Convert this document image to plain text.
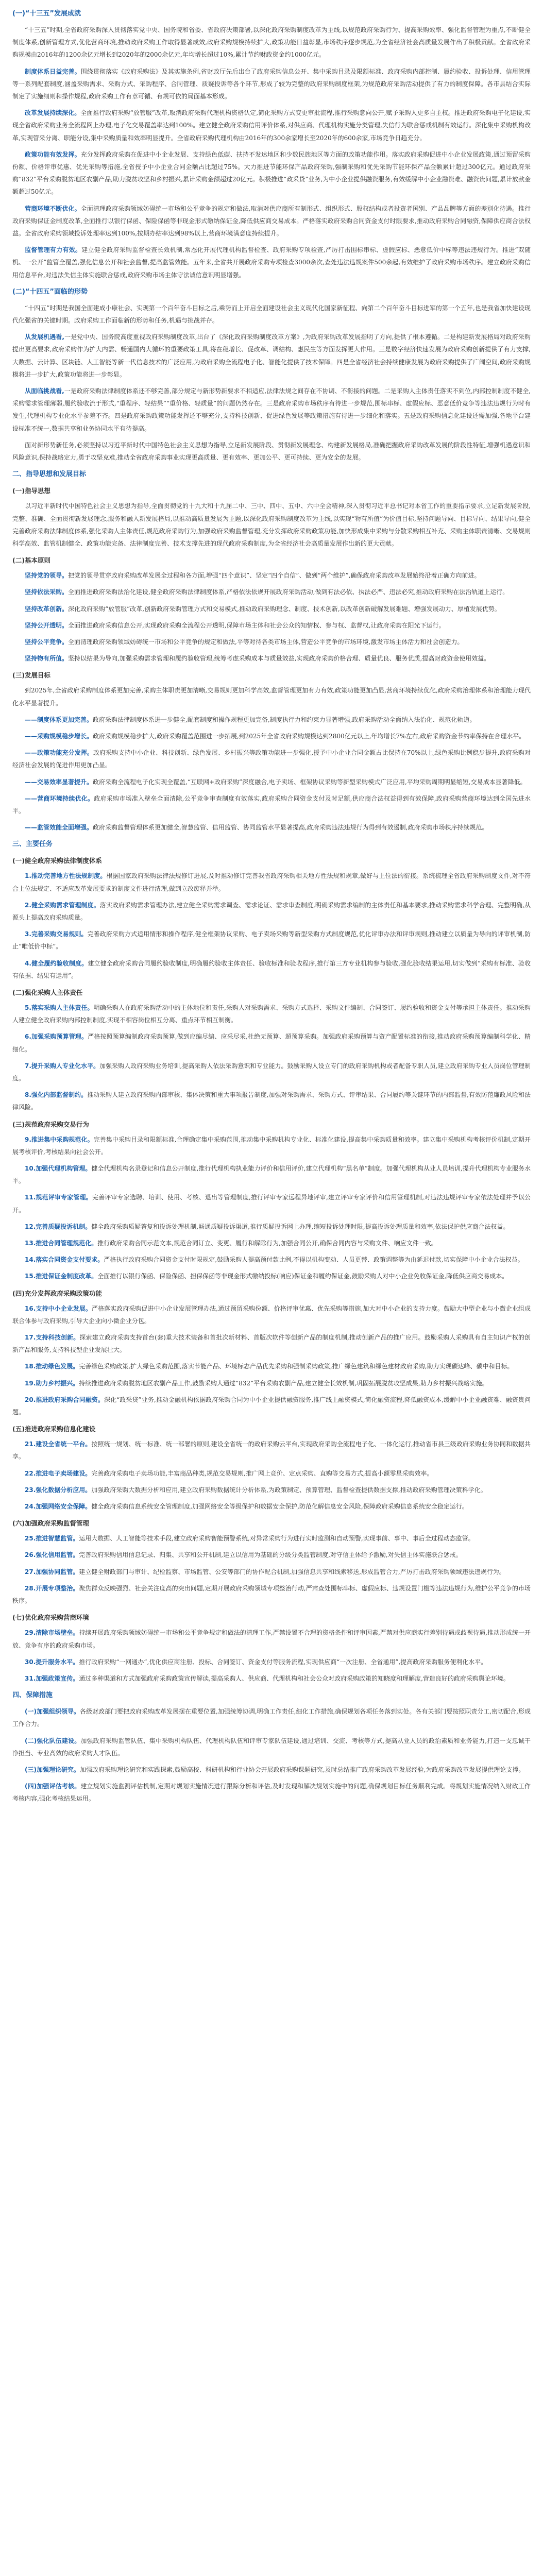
(一)“十三五”发展成就

“十三五”时期,全省政府采购深入贯彻落实党中央、国务院和省委、省政府决策部署,以深化政府采购制度改革为主线,以规范政府采购行为、提高采购效率、强化监督管理为重点,不断健全制度体系,创新管理方式,优化营商环境,推动政府采购工作取得显著成效,政府采购规模持续扩大,政策功能日益彰显,市场秩序逐步规范,为全省经济社会高质量发展作出了积极贡献。全省政府采购规模由2016年的1200余亿元增长到2020年的2000余亿元,年均增长超过10%,累计节约财政资金约1000亿元。

制度体系日益完善。围绕贯彻落实《政府采购法》及其实施条例,省财政厅先后出台了政府采购信息公开、集中采购目录及限额标准、政府采购内部控制、履约验收、投诉处理、信用管理等一系列配套制度,涵盖采购需求、采购方式、采购程序、合同管理、质疑投诉等各个环节,形成了较为完整的政府采购制度框架,为规范政府采购活动提供了有力的制度保障。各市县结合实际制定了实施细则和操作规程,政府采购工作有章可循、有规可依的局面基本形成。

改革发展持续深化。全面推行政府采购“放管服”改革,取消政府采购代理机构资格认定,简化采购方式变更审批流程,推行采购意向公开,赋予采购人更多自主权。推进政府采购电子化建设,实现全省政府采购业务全流程网上办理,电子化交易覆盖率达到100%。建立健全政府采购信用评价体系,对供应商、代理机构实施分类管理,失信行为联合惩戒机制有效运行。深化集中采购机构改革,实现管采分离、职能分设,集中采购质量和效率明显提升。全省政府采购代理机构由2016年的300余家增长至2020年的600余家,市场竞争日趋充分。

政策功能有效发挥。充分发挥政府采购在促进中小企业发展、支持绿色低碳、扶持不发达地区和少数民族地区等方面的政策功能作用。落实政府采购促进中小企业发展政策,通过预留采购份额、价格评审优惠、优先采购等措施,全省授予中小企业合同金额占比超过75%。大力推进节能环保产品政府采购,强制采购和优先采购节能环保产品金额累计超过300亿元。通过政府采购“832”平台采购脱贫地区农副产品,助力脱贫攻坚和乡村振兴,累计采购金额超过20亿元。积极推进“政采贷”业务,为中小企业提供融资服务,有效缓解中小企业融资难、融资贵问题,累计放款金额超过50亿元。

营商环境不断优化。全面清理政府采购领域妨碍统一市场和公平竞争的规定和做法,取消对供应商所有制形式、组织形式、股权结构或者投资者国别、产品品牌等方面的差别化待遇。推行政府采购保证金制度改革,全面推行以银行保函、保险保函等非现金形式缴纳保证金,降低供应商交易成本。严格落实政府采购合同资金支付时限要求,推动政府采购合同融资,保障供应商合法权益。全省政府采购领域投诉处理率达到100%,按期办结率达到98%以上,营商环境满意度持续提升。

监督管理有力有效。建立健全政府采购监督检查长效机制,常态化开展代理机构监督检查、政府采购专项检查,严厉打击围标串标、虚假应标、恶意低价中标等违法违规行为。推进“双随机、一公开”监管全覆盖,强化信息公开和社会监督,提高监管效能。五年来,全省共开展政府采购专项检查3000余次,查处违法违规案件500余起,有效维护了政府采购市场秩序。建立政府采购信用信息平台,对违法失信主体实施联合惩戒,政府采购市场主体守法诚信意识明显增强。

(二)“十四五”面临的形势

“十四五”时期是我国全面建成小康社会、实现第一个百年奋斗目标之后,乘势而上开启全面建设社会主义现代化国家新征程、向第二个百年奋斗目标进军的第一个五年,也是我省加快建设现代化强省的关键时期。政府采购工作面临新的形势和任务,机遇与挑战并存。

从发展机遇看,一是党中央、国务院高度重视政府采购制度改革,出台了《深化政府采购制度改革方案》,为政府采购改革发展指明了方向,提供了根本遵循。二是构建新发展格局对政府采购提出更高要求,政府采购作为扩大内需、畅通国内大循环的重要政策工具,将在稳增长、促改革、调结构、惠民生等方面发挥更大作用。三是数字经济快速发展为政府采购创新提供了有力支撑,大数据、云计算、区块链、人工智能等新一代信息技术的广泛应用,为政府采购全流程电子化、智能化提供了技术保障。四是全省经济社会持续健康发展为政府采购提供了广阔空间,政府采购规模将进一步扩大,政策功能将进一步彰显。

从面临挑战看,一是政府采购法律制度体系还不够完善,部分规定与新形势新要求不相适应,法律法规之间存在不协调、不衔接的问题。二是采购人主体责任落实不到位,内部控制制度不健全,采购需求管理薄弱,履约验收流于形式,“重程序、轻结果”“重价格、轻质量”的问题仍然存在。三是政府采购市场秩序有待进一步规范,围标串标、虚假应标、恶意低价竞争等违法违规行为时有发生,代理机构专业化水平参差不齐。四是政府采购政策功能发挥还不够充分,支持科技创新、促进绿色发展等政策措施有待进一步细化和落实。五是政府采购信息化建设还需加强,各地平台建设标准不统一,数据共享和业务协同水平有待提高。

面对新形势新任务,必须坚持以习近平新时代中国特色社会主义思想为指导,立足新发展阶段、贯彻新发展理念、构建新发展格局,准确把握政府采购改革发展的阶段性特征,增强机遇意识和风险意识,保持战略定力,勇于攻坚克难,推动全省政府采购事业实现更高质量、更有效率、更加公平、更可持续、更为安全的发展。

二、指导思想和发展目标
(一)指导思想

以习近平新时代中国特色社会主义思想为指导,全面贯彻党的十九大和十九届二中、三中、四中、五中、六中全会精神,深入贯彻习近平总书记对本省工作的重要指示要求,立足新发展阶段,完整、准确、全面贯彻新发展理念,服务和融入新发展格局,以推动高质量发展为主题,以深化政府采购制度改革为主线,以实现“物有所值”为价值目标,坚持问题导向、目标导向、结果导向,健全完善政府采购法律制度体系,强化采购人主体责任,规范政府采购行为,加强政府采购监督管理,充分发挥政府采购政策功能,加快形成集中采购与分散采购相互补充、采购主体职责清晰、交易规则科学高效、监管机制健全、政策功能完备、法律制度完善、技术支撑先进的现代政府采购制度,为全省经济社会高质量发展作出新的更大贡献。

(二)基本原则

坚持党的领导。把党的领导贯穿政府采购改革发展全过程和各方面,增强“四个意识”、坚定“四个自信”、做到“两个维护”,确保政府采购改革发展始终沿着正确方向前进。

坚持依法采购。全面推进政府采购法治化建设,健全政府采购法律制度体系,严格依法依规开展政府采购活动,做到有法必依、执法必严、违法必究,推动政府采购在法治轨道上运行。

坚持改革创新。深化政府采购“放管服”改革,创新政府采购管理方式和交易模式,推动政府采购理念、制度、技术创新,以改革创新破解发展难题、增强发展动力、厚植发展优势。

坚持公开透明。全面推进政府采购信息公开,实现政府采购全流程公开透明,保障市场主体和社会公众的知情权、参与权、监督权,让政府采购在阳光下运行。

坚持公平竞争。全面清理政府采购领域妨碍统一市场和公平竞争的规定和做法,平等对待各类市场主体,营造公平竞争的市场环境,激发市场主体活力和社会创造力。

坚持物有所值。坚持以结果为导向,加强采购需求管理和履约验收管理,统筹考虑采购成本与质量效益,实现政府采购价格合理、质量优良、服务优质,提高财政资金使用效益。

(三)发展目标

到2025年,全省政府采购制度体系更加完善,采购主体职责更加清晰,交易规则更加科学高效,监督管理更加有力有效,政策功能更加凸显,营商环境持续优化,政府采购治理体系和治理能力现代化水平显著提升。

——制度体系更加完善。政府采购法律制度体系进一步健全,配套制度和操作规程更加完备,制度执行力和约束力显著增强,政府采购活动全面纳入法治化、规范化轨道。

——采购规模稳步增长。政府采购规模稳步扩大,政府采购覆盖范围进一步拓展,到2025年全省政府采购规模达到2800亿元以上,年均增长7%左右,政府采购资金节约率保持在合理水平。

——政策功能充分发挥。政府采购支持中小企业、科技创新、绿色发展、乡村振兴等政策功能进一步强化,授予中小企业合同金额占比保持在70%以上,绿色采购比例稳步提升,政府采购对经济社会发展的促进作用更加凸显。

——交易效率显著提升。政府采购全流程电子化实现全覆盖,“互联网+政府采购”深度融合,电子卖场、框架协议采购等新型采购模式广泛应用,平均采购周期明显缩短,交易成本显著降低。

——营商环境持续优化。政府采购市场准入壁垒全面清除,公平竞争审查制度有效落实,政府采购合同资金支付及时足额,供应商合法权益得到有效保障,政府采购营商环境达到全国先进水平。

——监管效能全面增强。政府采购监督管理体系更加健全,智慧监管、信用监管、协同监管水平显著提高,政府采购违法违规行为得到有效遏制,政府采购市场秩序持续规范。

三、主要任务
(一)健全政府采购法律制度体系

1.推动完善地方性法规制度。根据国家政府采购法律法规修订进展,及时推动修订完善我省政府采购相关地方性法规和规章,做好与上位法的衔接。系统梳理全省政府采购制度文件,对不符合上位法规定、不适应改革发展要求的制度文件进行清理,做到立改废释并举。

2.健全采购需求管理制度。落实政府采购需求管理办法,建立健全采购需求调查、需求论证、需求审查制度,明确采购需求编制的主体责任和基本要求,推动采购需求科学合理、完整明确,从源头上提高政府采购质量。

3.完善采购交易规则。完善政府采购方式适用情形和操作程序,健全框架协议采购、电子卖场采购等新型采购方式制度规范,优化评审办法和评审规则,推动建立以质量为导向的评审机制,防止“唯低价中标”。

4.健全履约验收制度。建立健全政府采购合同履约验收制度,明确履约验收主体责任、验收标准和验收程序,推行第三方专业机构参与验收,强化验收结果运用,切实做到“采购有标准、验收有依据、结果有运用”。

(二)强化采购人主体责任

5.落实采购人主体责任。明确采购人在政府采购活动中的主体地位和责任,采购人对采购需求、采购方式选择、采购文件编制、合同签订、履约验收和资金支付等承担主体责任。推动采购人建立健全政府采购内部控制制度,实现不相容岗位相互分离、重点环节相互制衡。

6.加强采购预算管理。严格按照预算编制政府采购预算,做到应编尽编、应采尽采,杜绝无预算、超预算采购。加强政府采购预算与资产配置标准的衔接,推动政府采购预算编制科学化、精细化。

7.提升采购人专业化水平。加强采购人政府采购业务培训,提高采购人依法采购意识和专业能力。鼓励采购人设立专门的政府采购机构或者配备专职人员,建立政府采购专业人员岗位管理制度。

8.强化内部监督制约。推动采购人建立政府采购内部审核、集体决策和重大事项报告制度,加强对采购需求、采购方式、评审结果、合同履约等关键环节的内部监督,有效防范廉政风险和法律风险。

(三)规范政府采购交易行为

9.推进集中采购规范化。完善集中采购目录和限额标准,合理确定集中采购范围,推动集中采购机构专业化、标准化建设,提高集中采购质量和效率。建立集中采购机构考核评价机制,定期开展考核评价,考核结果向社会公开。

10.加强代理机构管理。健全代理机构名录登记和信息公开制度,推行代理机构执业能力评价和信用评价,建立代理机构“黑名单”制度。加强代理机构从业人员培训,提升代理机构专业服务水平。

11.规范评审专家管理。完善评审专家选聘、培训、使用、考核、退出等管理制度,推行评审专家远程异地评审,建立评审专家评价和信用管理机制,对违法违规评审专家依法处理并予以公开。

12.完善质疑投诉机制。健全政府采购质疑答复和投诉处理机制,畅通质疑投诉渠道,推行质疑投诉网上办理,缩短投诉处理时限,提高投诉处理质量和效率,依法保护供应商合法权益。

13.推进合同管理规范化。推行政府采购合同示范文本,规范合同订立、变更、履行和解除行为,加强合同公开,确保合同内容与采购文件、响应文件一致。

14.落实合同资金支付要求。严格执行政府采购合同资金支付时限规定,鼓励采购人提高预付款比例,不得以机构变动、人员更替、政策调整等为由延迟付款,切实保障中小企业合法权益。

15.推进保证金制度改革。全面推行以银行保函、保险保函、担保保函等非现金形式缴纳投标(响应)保证金和履约保证金,鼓励采购人对中小企业免收保证金,降低供应商交易成本。

(四)充分发挥政府采购政策功能

16.支持中小企业发展。严格落实政府采购促进中小企业发展管理办法,通过预留采购份额、价格评审优惠、优先采购等措施,加大对中小企业的支持力度。鼓励大中型企业与小微企业组成联合体参与政府采购,引导大企业向小微企业分包。

17.支持科技创新。探索建立政府采购支持首台(套)重大技术装备和首批次新材料、首版次软件等创新产品的制度机制,推动创新产品的推广应用。鼓励采购人采购具有自主知识产权的创新产品和服务,支持科技型企业发展壮大。

18.推动绿色发展。完善绿色采购政策,扩大绿色采购范围,落实节能产品、环境标志产品优先采购和强制采购政策,推广绿色建筑和绿色建材政府采购,助力实现碳达峰、碳中和目标。

19.助力乡村振兴。持续推进政府采购脱贫地区农副产品工作,鼓励采购人通过“832”平台采购农副产品,建立健全长效机制,巩固拓展脱贫攻坚成果,助力乡村振兴战略实施。

20.推进政府采购合同融资。深化“政采贷”业务,推动金融机构依据政府采购合同为中小企业提供融资服务,推广线上融资模式,简化融资流程,降低融资成本,缓解中小企业融资难、融资贵问题。

(五)推进政府采购信息化建设

21.建设全省统一平台。按照统一规划、统一标准、统一部署的原则,建设全省统一的政府采购云平台,实现政府采购全流程电子化、一体化运行,推动省市县三级政府采购业务协同和数据共享。

22.推进电子卖场建设。完善政府采购电子卖场功能,丰富商品种类,规范交易规则,推广网上竞价、定点采购、直购等交易方式,提高小额零星采购效率。

23.强化数据分析应用。加强政府采购大数据分析和应用,建立政府采购数据统计分析体系,为政策制定、预算管理、监督检查提供数据支撑,推动政府采购管理决策科学化。

24.加强网络安全保障。健全政府采购信息系统安全管理制度,加强网络安全等级保护和数据安全保护,防范化解信息安全风险,保障政府采购信息系统安全稳定运行。

(六)加强政府采购监督管理

25.推进智慧监管。运用大数据、人工智能等技术手段,建立政府采购智能预警系统,对异常采购行为进行实时监测和自动预警,实现事前、事中、事后全过程动态监管。

26.强化信用监管。完善政府采购信用信息记录、归集、共享和公开机制,建立以信用为基础的分级分类监管制度,对守信主体给予激励,对失信主体实施联合惩戒。

27.加强协同监管。建立健全财政部门与审计、纪检监察、市场监管、公安等部门的协作配合机制,加强信息共享和线索移送,形成监管合力,严厉打击政府采购领域违法违规行为。

28.开展专项整治。聚焦群众反映强烈、社会关注度高的突出问题,定期开展政府采购领域专项整治行动,严肃查处围标串标、虚假应标、违规设置门槛等违法违规行为,维护公平竞争的市场秩序。

(七)优化政府采购营商环境

29.清除市场壁垒。持续开展政府采购领域妨碍统一市场和公平竞争规定和做法的清理工作,严禁设置不合理的资格条件和评审因素,严禁对供应商实行差别待遇或歧视待遇,推动形成统一开放、竞争有序的政府采购市场。

30.提升服务水平。推行政府采购“一网通办”,优化供应商注册、投标、合同签订、资金支付等服务流程,实现供应商“一次注册、全省通用”,提高政府采购服务便利化水平。

31.加强政策宣传。通过多种渠道和方式加强政府采购政策宣传解读,提高采购人、供应商、代理机构和社会公众对政府采购政策的知晓度和理解度,营造良好的政府采购舆论环境。

四、保障措施

(一)加强组织领导。各级财政部门要把政府采购改革发展摆在重要位置,加强统筹协调,明确工作责任,细化工作措施,确保规划各项任务落到实处。各有关部门要按照职责分工,密切配合,形成工作合力。

(二)强化队伍建设。加强政府采购监管队伍、集中采购机构队伍、代理机构队伍和评审专家队伍建设,通过培训、交流、考核等方式,提高从业人员的政治素质和业务能力,打造一支忠诚干净担当、专业高效的政府采购人才队伍。

(三)加强理论研究。加强政府采购理论研究和实践探索,鼓励高校、科研机构和行业协会开展政府采购课题研究,及时总结推广政府采购改革发展经验,为政府采购改革发展提供理论支撑。

(四)加强评估考核。建立规划实施监测评估机制,定期对规划实施情况进行跟踪分析和评估,及时发现和解决规划实施中的问题,确保规划目标任务顺利完成。将规划实施情况纳入财政工作考核内容,强化考核结果运用。
